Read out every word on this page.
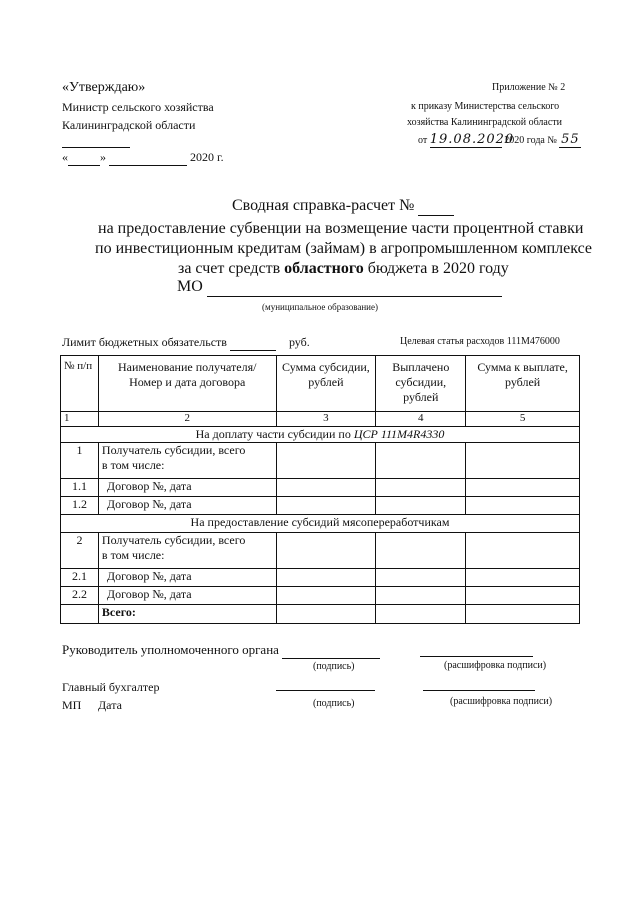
«Утверждаю»
Министр сельского хозяйства
Калининградской области
«	»	2020 г.
Приложение № 2
к приказу Министерства сельского
хозяйства Калининградской области
от 19.08.2020 2020 года № 55
Сводная справка-расчет №
на предоставление субвенции на возмещение части процентной ставки
по инвестиционным кредитам (займам) в агропромышленном комплексе
за счет средств областного бюджета в 2020 году
МО
(муниципальное образование)
Лимит бюджетных обязательств	руб.	Целевая статья расходов 111М476000
№ п/п	Наименование получателя/ Номер и дата договора	Сумма субсидии, рублей	Выплачено субсидии, рублей	Сумма к выплате, рублей
1	2	3	4	5
На доплату части субсидии по ЦСР 111М4R4330				
1	Получатель субсидии, всего
в том числе:			

1.1	Договор №, дата			
1.2	Договор №, дата			
На предоставление субсидий мясопереработчикам				
2	Получатель субсидии, всего
в том числе:			

2.1	Договор №, дата			
2.2	Договор №, дата			
	Всего:			
Руководитель уполномоченного органа
(подпись)	(расшифровка подписи)
Главный бухгалтер
МП Дата	(подпись)	(расшифровка подписи)
